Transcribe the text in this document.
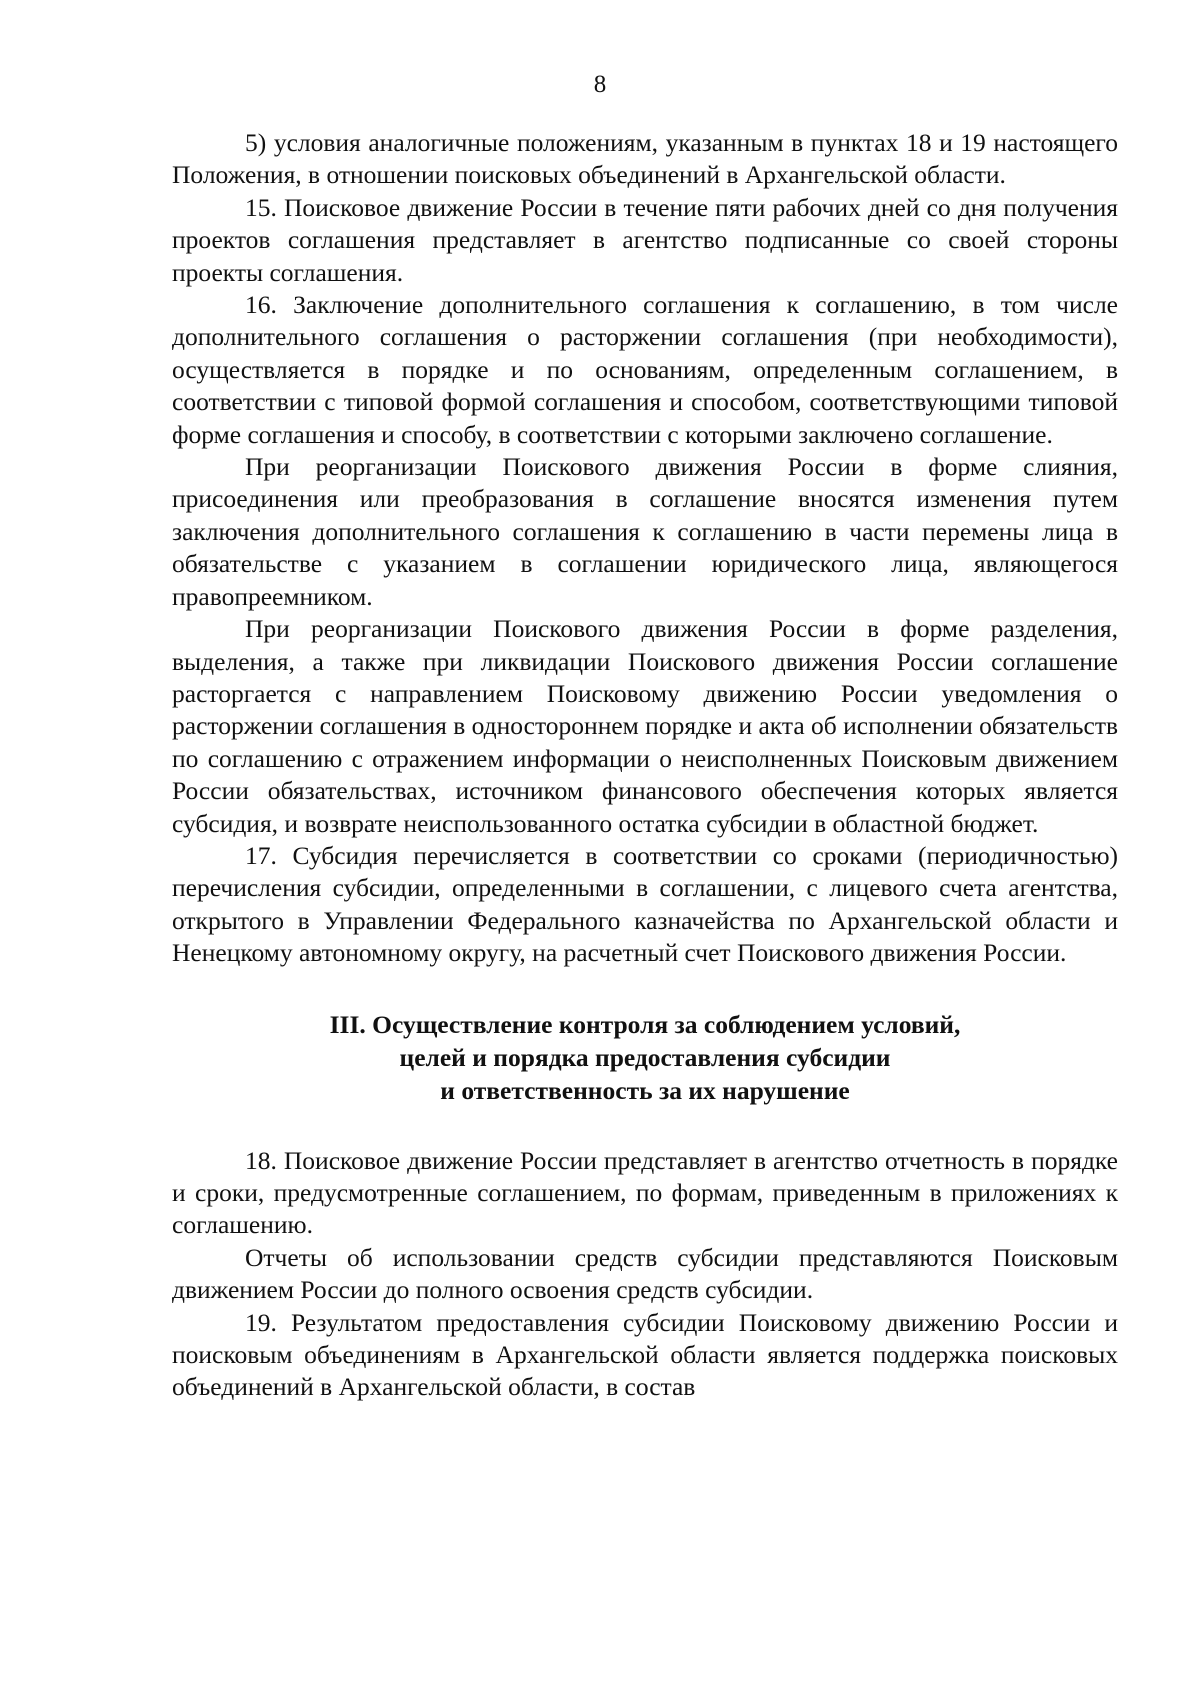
8

5) условия аналогичные положениям, указанным в пунктах 18 и 19 настоящего Положения, в отношении поисковых объединений в Архангельской области.

15. Поисковое движение России в течение пяти рабочих дней со дня получения проектов соглашения представляет в агентство подписанные со своей стороны проекты соглашения.

16. Заключение дополнительного соглашения к соглашению, в том числе дополнительного соглашения о расторжении соглашения (при необходимости), осуществляется в порядке и по основаниям, определенным соглашением, в соответствии с типовой формой соглашения и способом, соответствующими типовой форме соглашения и способу, в соответствии с которыми заключено соглашение.

При реорганизации Поискового движения России в форме слияния, присоединения или преобразования в соглашение вносятся изменения путем заключения дополнительного соглашения к соглашению в части перемены лица в обязательстве с указанием в соглашении юридического лица, являющегося правопреемником.

При реорганизации Поискового движения России в форме разделения, выделения, а также при ликвидации Поискового движения России соглашение расторгается с направлением Поисковому движению России уведомления о расторжении соглашения в одностороннем порядке и акта об исполнении обязательств по соглашению с отражением информации о неисполненных Поисковым движением России обязательствах, источником финансового обеспечения которых является субсидия, и возврате неиспользованного остатка субсидии в областной бюджет.

17. Субсидия перечисляется в соответствии со сроками (периодичностью) перечисления субсидии, определенными в соглашении, с лицевого счета агентства, открытого в Управлении Федерального казначейства по Архангельской области и Ненецкому автономному округу, на расчетный счет Поискового движения России.

III. Осуществление контроля за соблюдением условий,
целей и порядка предоставления субсидии
и ответственность за их нарушение

18. Поисковое движение России представляет в агентство отчетность в порядке и сроки, предусмотренные соглашением, по формам, приведенным в приложениях к соглашению.

Отчеты об использовании средств субсидии представляются Поисковым движением России до полного освоения средств субсидии.

19. Результатом предоставления субсидии Поисковому движению России и поисковым объединениям в Архангельской области является поддержка поисковых объединений в Архангельской области, в состав
